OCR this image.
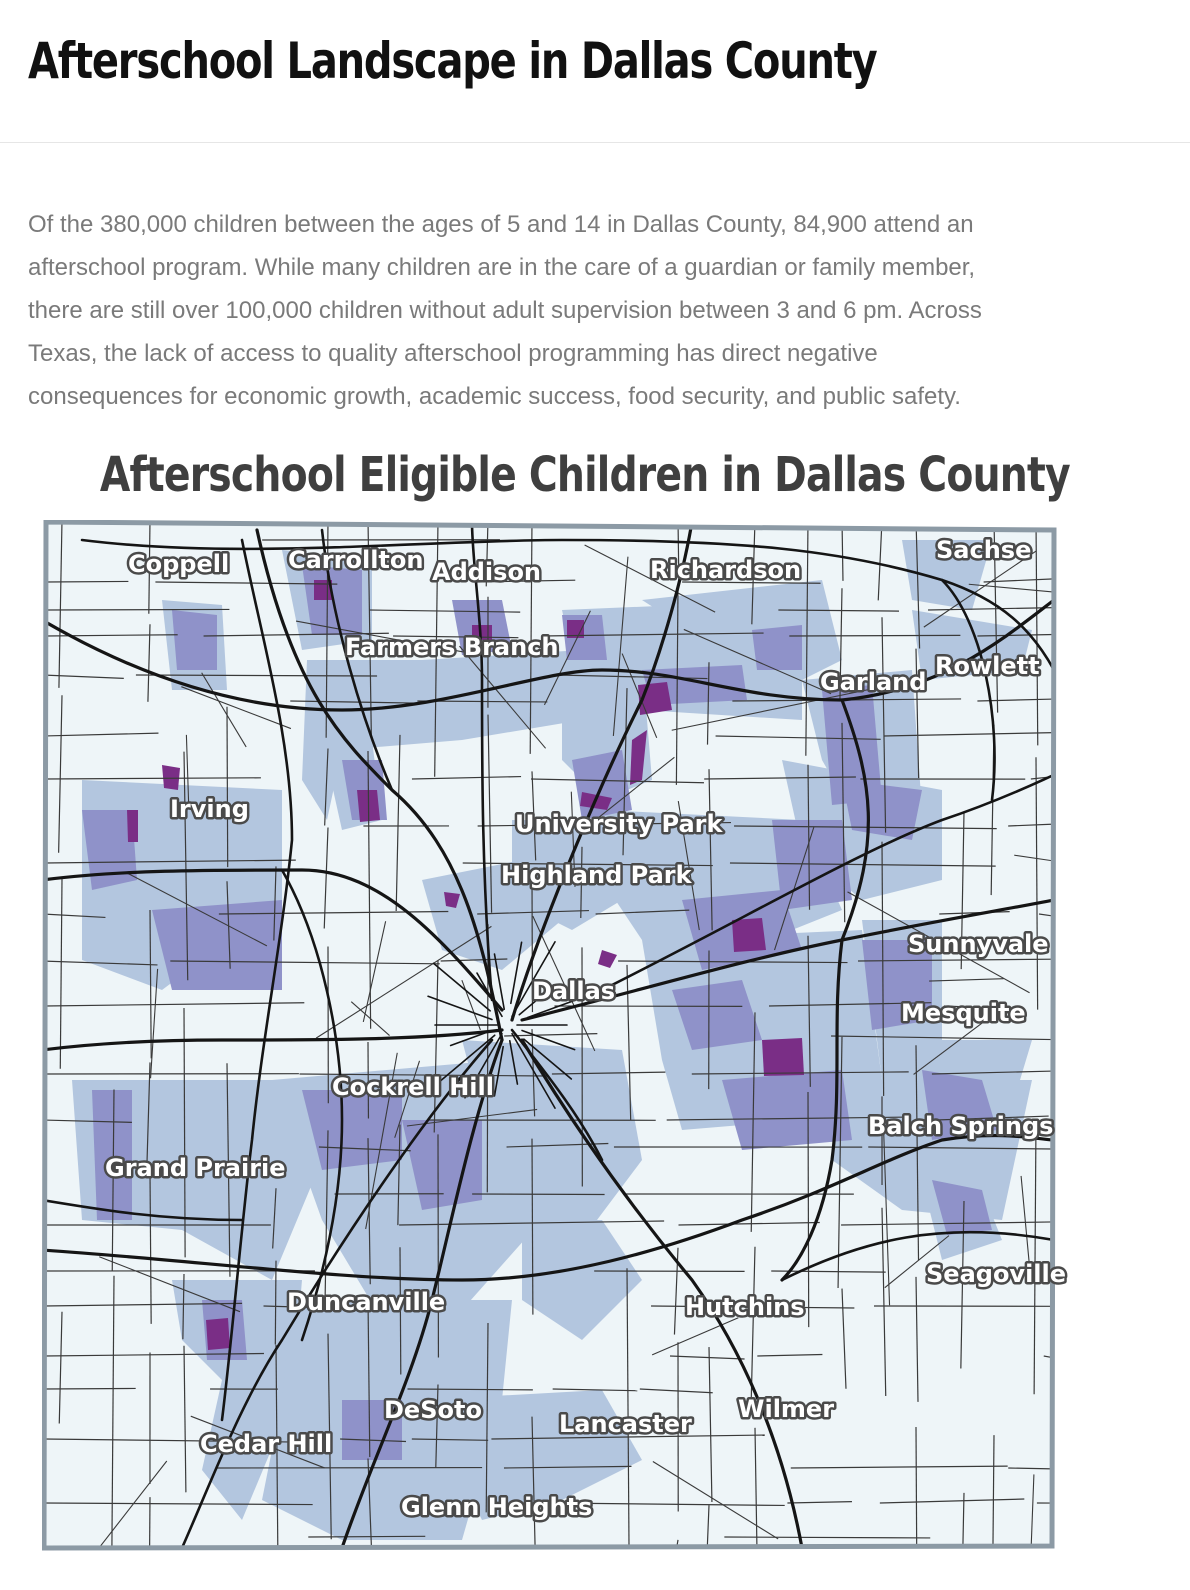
Afterschool Landscape in Dallas County

Of the 380,000 children between the ages of 5 and 14 in Dallas County, 84,900 attend an
afterschool program. While many children are in the care of a guardian or family member,
there are still over 100,000 children without adult supervision between 3 and 6 pm. Across
Texas, the lack of access to quality afterschool programming has direct negative
consequences for economic growth, academic success, food security, and public safety.

Afterschool Eligible Children in Dallas County
Coppell Carrollton Addison	Richardson
Sachse
Farmers Branch
Garland
Rowlett
Irving
University Park
Highland Park
Sunnyvale
Dallas
Mesquite
Cockrell Hill
Balch Springs
Grand Prairie
Seagoville
Duncanville	Hutchins
Wilmer
DeSoto	Lancaster
Cedar Hill
Glenn Heights
